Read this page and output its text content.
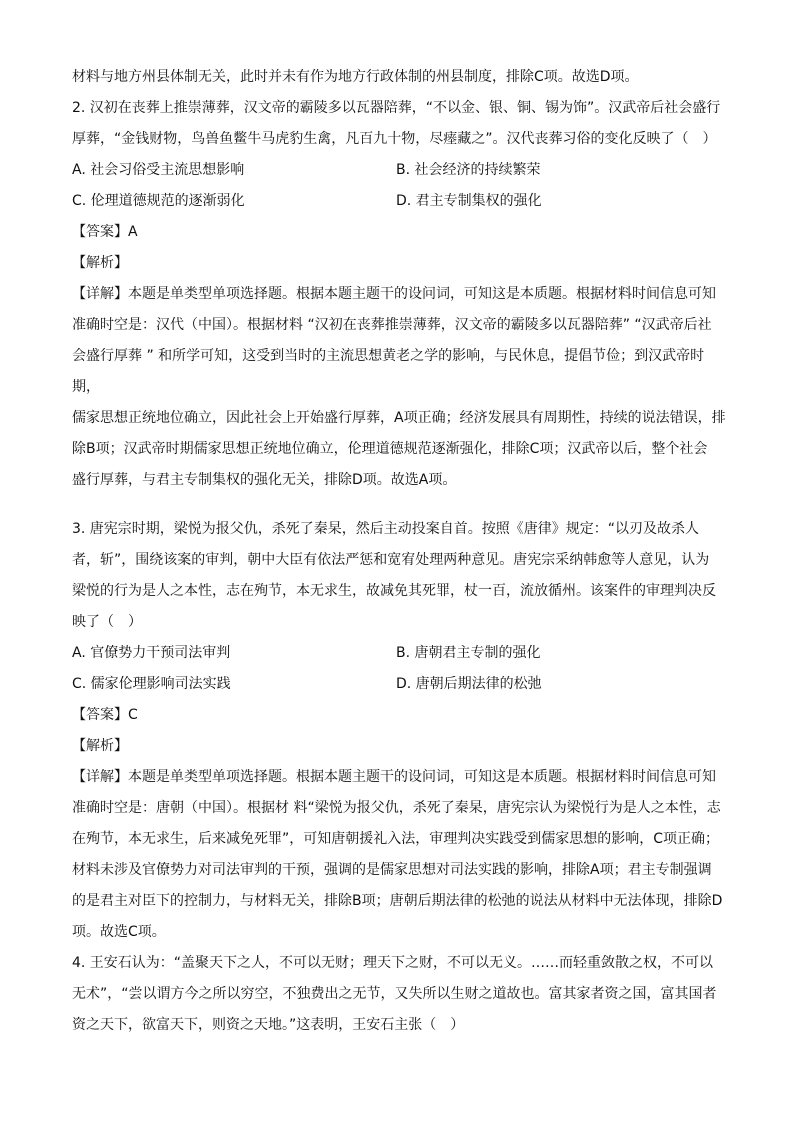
材料与地方州县体制无关，此时并未有作为地方行政体制的州县制度，排除C项。故选D项。

2. 汉初在丧葬上推崇薄葬，汉文帝的霸陵多以瓦器陪葬，“不以金、银、铜、锡为饰”。汉武帝后社会盛行

厚葬，“金钱财物，鸟兽鱼鳖牛马虎豹生禽，凡百九十物，尽瘗藏之”。汉代丧葬习俗的变化反映了（　）

A. 社会习俗受主流思想影响	B. 社会经济的持续繁荣

C. 伦理道德规范的逐渐弱化	D. 君主专制集权的强化

【答案】A

【解析】

【详解】本题是单类型单项选择题。根据本题主题干的设问词，可知这是本质题。根据材料时间信息可知

准确时空是：汉代（中国）。根据材料 “汉初在丧葬推崇薄葬，汉文帝的霸陵多以瓦器陪葬” “汉武帝后社

会盛行厚葬 ” 和所学可知，这受到当时的主流思想黄老之学的影响，与民休息，提倡节俭；到汉武帝时期，

儒家思想正统地位确立，因此社会上开始盛行厚葬，A项正确；经济发展具有周期性，持续的说法错误，排

除B项；汉武帝时期儒家思想正统地位确立，伦理道德规范逐渐强化，排除C项；汉武帝以后，整个社会

盛行厚葬，与君主专制集权的强化无关，排除D项。故选A项。

3. 唐宪宗时期，梁悦为报父仇，杀死了秦杲，然后主动投案自首。按照《唐律》规定：“以刃及故杀人

者，斩”，围绕该案的审判，朝中大臣有依法严惩和宽宥处理两种意见。唐宪宗采纳韩愈等人意见，认为

梁悦的行为是人之本性，志在殉节，本无求生，故减免其死罪，杖一百，流放循州。该案件的审理判决反

映了（　）

A. 官僚势力干预司法审判	B. 唐朝君主专制的强化

C. 儒家伦理影响司法实践	D. 唐朝后期法律的松弛

【答案】C

【解析】

【详解】本题是单类型单项选择题。根据本题主题干的设问词，可知这是本质题。根据材料时间信息可知

准确时空是：唐朝（中国）。根据材 料“梁悦为报父仇，杀死了秦杲，唐宪宗认为梁悦行为是人之本性，志

在殉节，本无求生，后来减免死罪”，可知唐朝援礼入法，审理判决实践受到儒家思想的影响，C项正确；

材料未涉及官僚势力对司法审判的干预，强调的是儒家思想对司法实践的影响，排除A项；君主专制强调

的是君主对臣下的控制力，与材料无关，排除B项；唐朝后期法律的松弛的说法从材料中无法体现，排除D

项。故选C项。

4. 王安石认为：“盖聚天下之人，不可以无财；理天下之财，不可以无义。……而轻重敛散之权，不可以

无术”，“尝以谓方今之所以穷空，不独费出之无节，又失所以生财之道故也。富其家者资之国，富其国者

资之天下，欲富天下，则资之天地。”这表明，王安石主张（　）
